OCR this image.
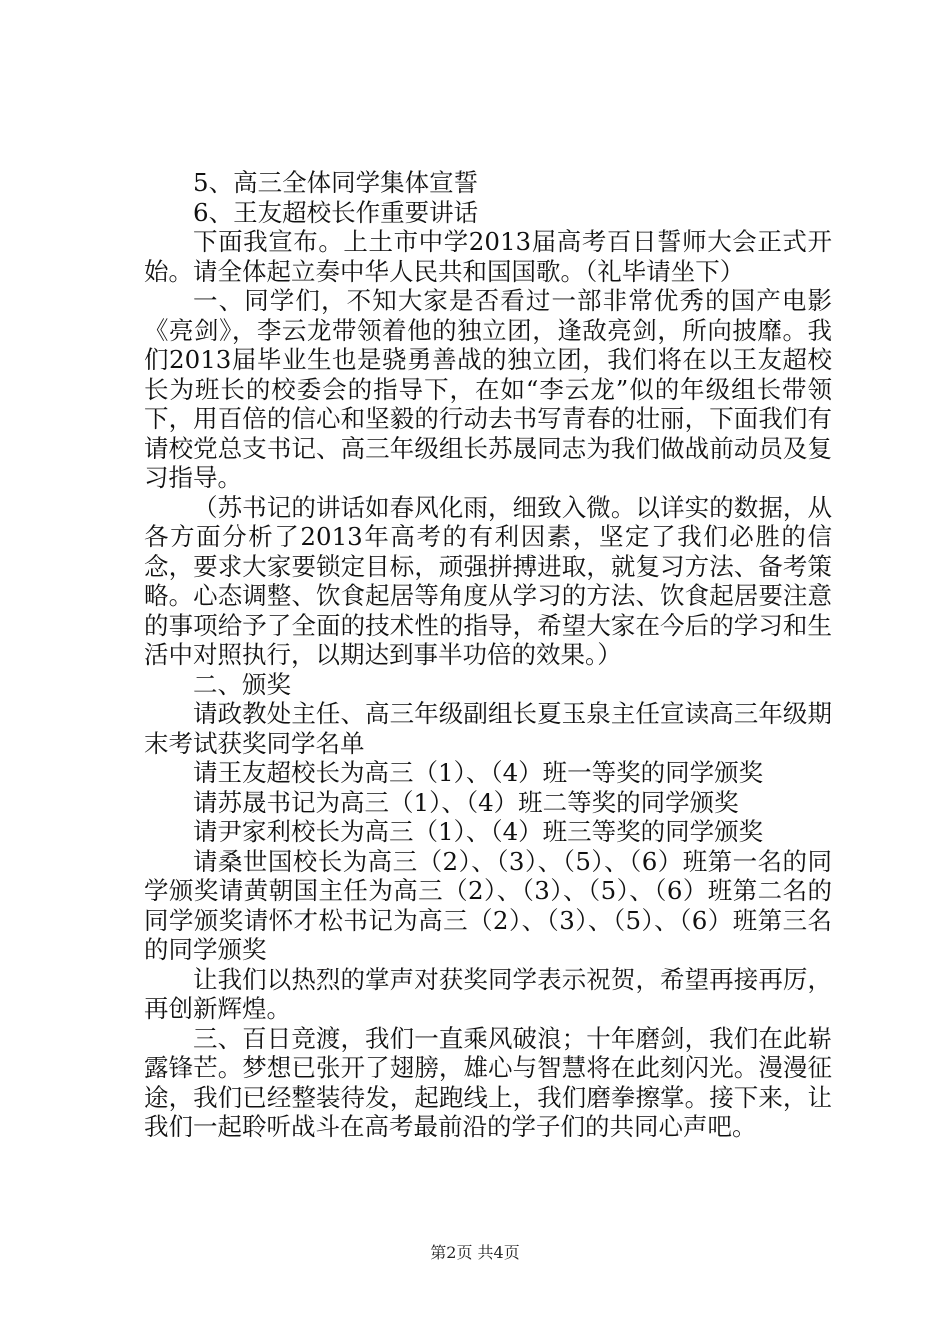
5、高三全体同学集体宣誓

6、王友超校长作重要讲话

下面我宣布。上土市中学2013届高考百日誓师大会正式开始。请全体起立奏中华人民共和国国歌。（礼毕请坐下）

一、同学们，不知大家是否看过一部非常优秀的国产电影《亮剑》，李云龙带领着他的独立团，逢敌亮剑，所向披靡。我们2013届毕业生也是骁勇善战的独立团，我们将在以王友超校长为班长的校委会的指导下，在如“李云龙”似的年级组长带领下，用百倍的信心和坚毅的行动去书写青春的壮丽，下面我们有请校党总支书记、高三年级组长苏晟同志为我们做战前动员及复习指导。

（苏书记的讲话如春风化雨，细致入微。以详实的数据，从各方面分析了2013年高考的有利因素，坚定了我们必胜的信念，要求大家要锁定目标，顽强拼搏进取，就复习方法、备考策略。心态调整、饮食起居等角度从学习的方法、饮食起居要注意的事项给予了全面的技术性的指导，希望大家在今后的学习和生活中对照执行，以期达到事半功倍的效果。）

二、颁奖

请政教处主任、高三年级副组长夏玉泉主任宣读高三年级期末考试获奖同学名单

请王友超校长为高三（1）、（4）班一等奖的同学颁奖

请苏晟书记为高三（1）、（4）班二等奖的同学颁奖

请尹家利校长为高三（1）、（4）班三等奖的同学颁奖

请桑世国校长为高三（2）、（3）、（5）、（6）班第一名的同学颁奖请黄朝国主任为高三（2）、（3）、（5）、（6）班第二名的同学颁奖请怀才松书记为高三（2）、（3）、（5）、（6）班第三名的同学颁奖

让我们以热烈的掌声对获奖同学表示祝贺，希望再接再厉，再创新辉煌。

三、百日竞渡，我们一直乘风破浪；十年磨剑，我们在此崭露锋芒。梦想已张开了翅膀，雄心与智慧将在此刻闪光。漫漫征途，我们已经整装待发，起跑线上，我们磨拳擦掌。接下来，让我们一起聆听战斗在高考最前沿的学子们的共同心声吧。

第2页 共4页
